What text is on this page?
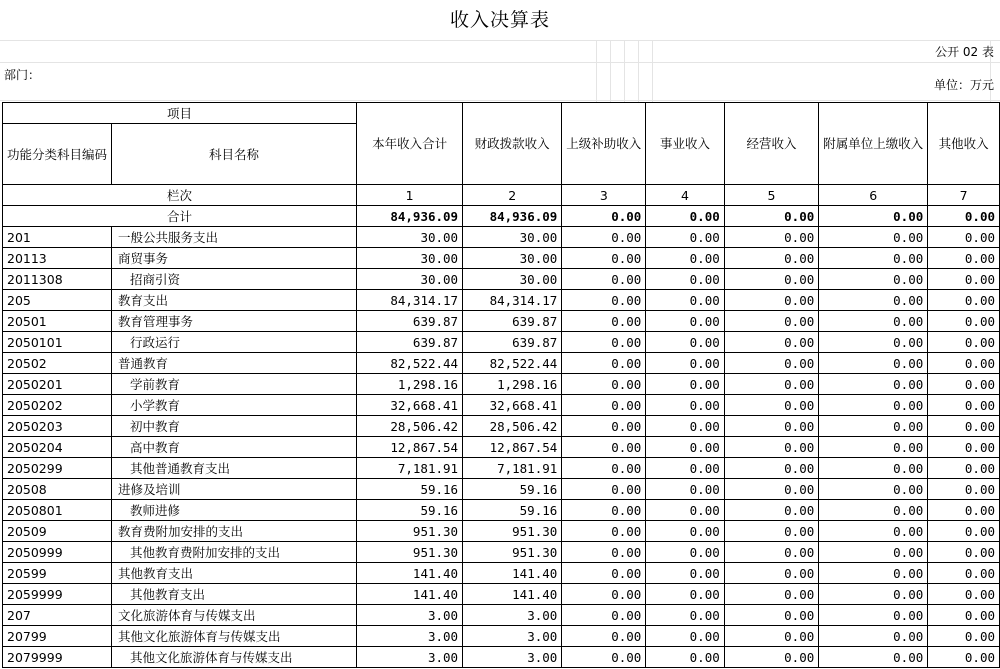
收入决算表
公开 02 表
部门：
单位：万元
项目		本年收入合计	财政拨款收入	上级补助收入	事业收入	经营收入	附属单位上缴收入	其他收入
功能分类科目编码	科目名称							
栏次		1	2	3	4	5	6	7
合计		84,936.09	84,936.09	0.00	0.00	0.00	0.00	0.00
201	一般公共服务支出	30.00	30.00	0.00	0.00	0.00	0.00	0.00
20113	商贸事务	30.00	30.00	0.00	0.00	0.00	0.00	0.00
2011308	招商引资	30.00	30.00	0.00	0.00	0.00	0.00	0.00
205	教育支出	84,314.17	84,314.17	0.00	0.00	0.00	0.00	0.00
20501	教育管理事务	639.87	639.87	0.00	0.00	0.00	0.00	0.00
2050101	行政运行	639.87	639.87	0.00	0.00	0.00	0.00	0.00
20502	普通教育	82,522.44	82,522.44	0.00	0.00	0.00	0.00	0.00
2050201	学前教育	1,298.16	1,298.16	0.00	0.00	0.00	0.00	0.00
2050202	小学教育	32,668.41	32,668.41	0.00	0.00	0.00	0.00	0.00
2050203	初中教育	28,506.42	28,506.42	0.00	0.00	0.00	0.00	0.00
2050204	高中教育	12,867.54	12,867.54	0.00	0.00	0.00	0.00	0.00
2050299	其他普通教育支出	7,181.91	7,181.91	0.00	0.00	0.00	0.00	0.00
20508	进修及培训	59.16	59.16	0.00	0.00	0.00	0.00	0.00
2050801	教师进修	59.16	59.16	0.00	0.00	0.00	0.00	0.00
20509	教育费附加安排的支出	951.30	951.30	0.00	0.00	0.00	0.00	0.00
2050999	其他教育费附加安排的支出	951.30	951.30	0.00	0.00	0.00	0.00	0.00
20599	其他教育支出	141.40	141.40	0.00	0.00	0.00	0.00	0.00
2059999	其他教育支出	141.40	141.40	0.00	0.00	0.00	0.00	0.00
207	文化旅游体育与传媒支出	3.00	3.00	0.00	0.00	0.00	0.00	0.00
20799	其他文化旅游体育与传媒支出	3.00	3.00	0.00	0.00	0.00	0.00	0.00
2079999	其他文化旅游体育与传媒支出	3.00	3.00	0.00	0.00	0.00	0.00	0.00
